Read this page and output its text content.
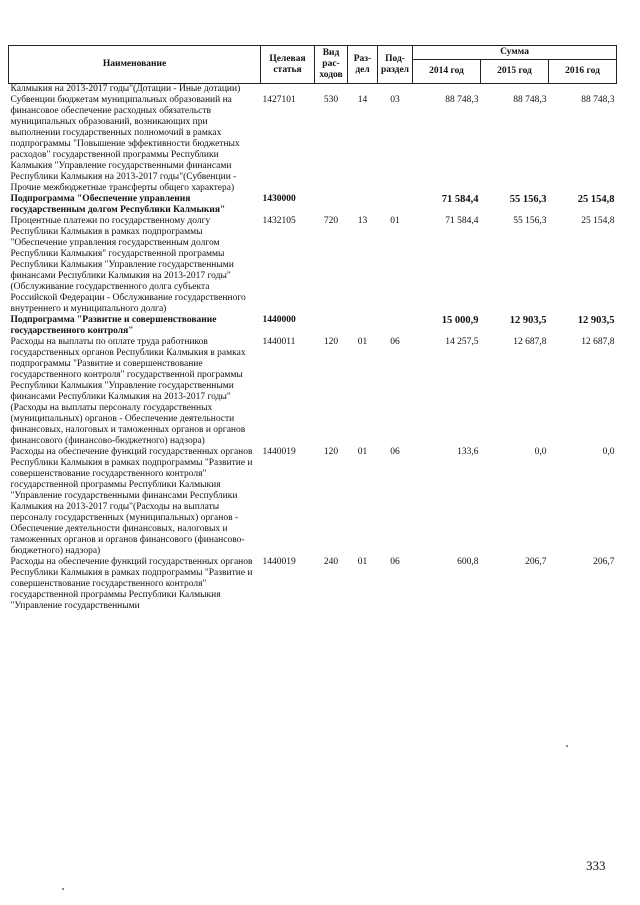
Наименование	Целевая статья	Вид рас-ходов	Раз-дел	Под-раздел	Сумма		
					2014 год	2015 год	2016 год
Калмыкия на 2013-2017 годы"(Дотации - Иные дотации)							
Субвенции бюджетам муниципальных образований на финансовое обеспечение расходных обязательств муниципальных образований, возникающих при выполнении государственных полномочий в рамках подпрограммы "Повышение эффективности бюджетных расходов" государственной программы Республики Калмыкия "Управление государственными финансами Республики Калмыкия на 2013-2017 годы"(Субвенции - Прочие межбюджетные трансферты общего характера)	1427101	530	14	03	88 748,3	88 748,3	88 748,3
Подпрограмма "Обеспечение управления государственным долгом Республики Калмыкия"	1430000				71 584,4	55 156,3	25 154,8
Процентные платежи по государственному долгу Республики Калмыкия в рамках подпрограммы "Обеспечение управления государственным долгом Республики Калмыкия" государственной программы Республики Калмыкия "Управление государственными финансами Республики Калмыкия на 2013-2017 годы"(Обслуживание государственного долга субъекта Российской Федерации - Обслуживание государственного внутреннего и муниципального долга)	1432105	720	13	01	71 584,4	55 156,3	25 154,8
Подпрограмма "Развитие и совершенствование государственного контроля"	1440000				15 000,9	12 903,5	12 903,5
Расходы на выплаты по оплате труда работников государственных органов Республики Калмыкия в рамках подпрограммы "Развитие и совершенствование государственного контроля" государственной программы Республики Калмыкия "Управление государственными финансами Республики Калмыкия на 2013-2017 годы"(Расходы на выплаты персоналу государственных (муниципальных) органов - Обеспечение деятельности финансовых, налоговых и таможенных органов и органов финансового (финансово-бюджетного) надзора)	1440011	120	01	06	14 257,5	12 687,8	12 687,8
Расходы на обеспечение функций государственных органов Республики Калмыкия в рамках подпрограммы "Развитие и совершенствование государственного контроля" государственной программы Республики Калмыкия "Управление государственными финансами Республики Калмыкия на 2013-2017 годы"(Расходы на выплаты персоналу государственных (муниципальных) органов - Обеспечение деятельности финансовых, налоговых и таможенных органов и органов финансового (финансово-бюджетного) надзора)	1440019	120	01	06	133,6	0,0	0,0
Расходы на обеспечение функций государственных органов Республики Калмыкия в рамках подпрограммы "Развитие и совершенствование государственного контроля" государственной программы Республики Калмыкия "Управление государственными	1440019	240	01	06	600,8	206,7	206,7
333
